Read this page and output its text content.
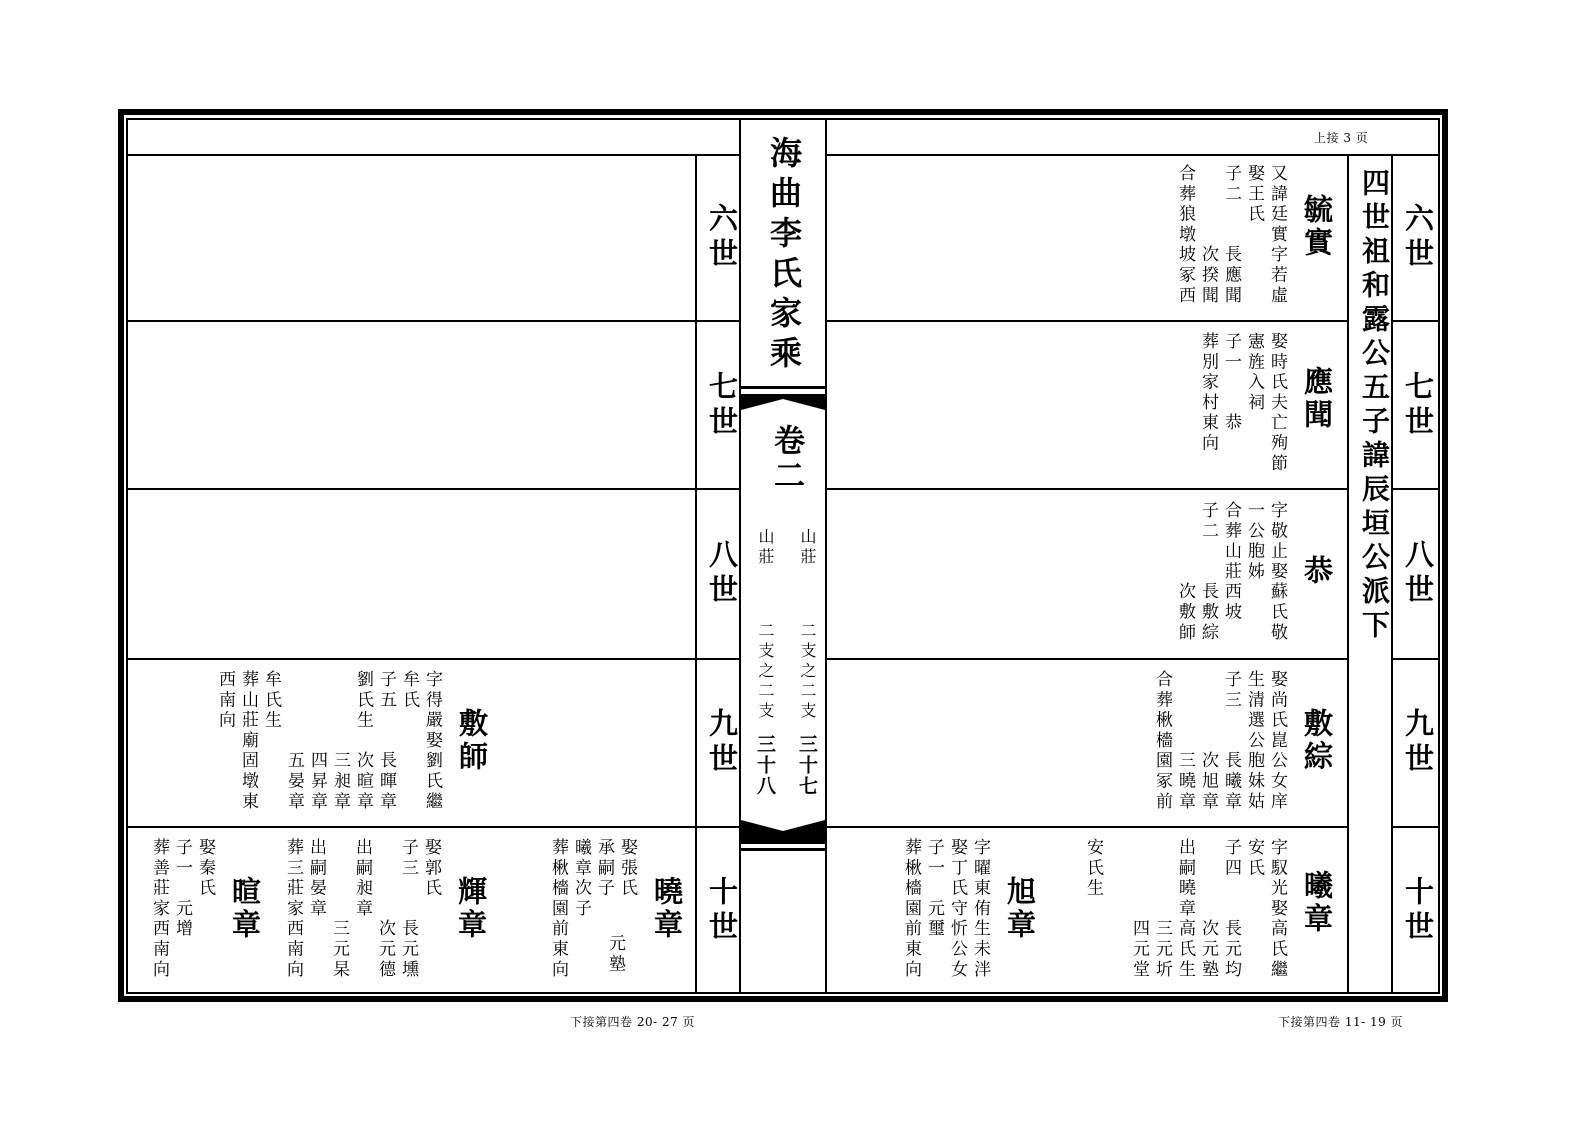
海曲李氏家乘
卷二
山莊
山莊
二支之二支
二支之二支
三十七
三十八
六世
七世
八世
九世
十世
六世
七世
八世
九世
十世
四世祖和露公五子諱辰垣公派下
上接 3 页
下接第四卷 11- 19 页
下接第四卷 20- 27 页
毓實
又諱廷實字若虛
娶王氏
子二　　長應聞
　　　　次揆聞
合葬狼墩坡冢西
應聞
娶時氏夫亡殉節
憲旌入祠
子一　　恭
葬別家村東向
恭
字敬止娶蘇氏敬
一公胞姊
合葬山莊西坡
子二　　長敷綜
　　　　次敷師
敷綜
娶尚氏崑公女庠
生清選公胞妹姑
子三　　長曦章
　　　　次旭章
　　　　三曉章
合葬楸檣園冢前
曦章
字馭光娶高氏繼
安氏
子四　　長元均
　　　　次元塾
出嗣曉章高氏生
　　　　三元圻
　　　　四元堂
安氏生
旭章
字曜東侑生未泮
娶丁氏守忻公女
子一　元璽
葬楸檣園前東向
敷師
字得嚴娶劉氏繼
牟氏
子五　　長暉章
劉氏生　次暄章
　　　　三昶章
　　　　四昇章
　　　　五晏章
牟氏生
葬山莊廟固墩東
西南向
曉章
娶張氏
承嗣子
曦章次子
元塾
葬楸檣園前東向
輝章
娶郭氏
子三　　長元壎
　　　　次元德
出嗣昶章
　　　　三元杲
出嗣晏章
葬三莊家西南向
暄章
娶秦氏
子一　元增
葬善莊家西南向
